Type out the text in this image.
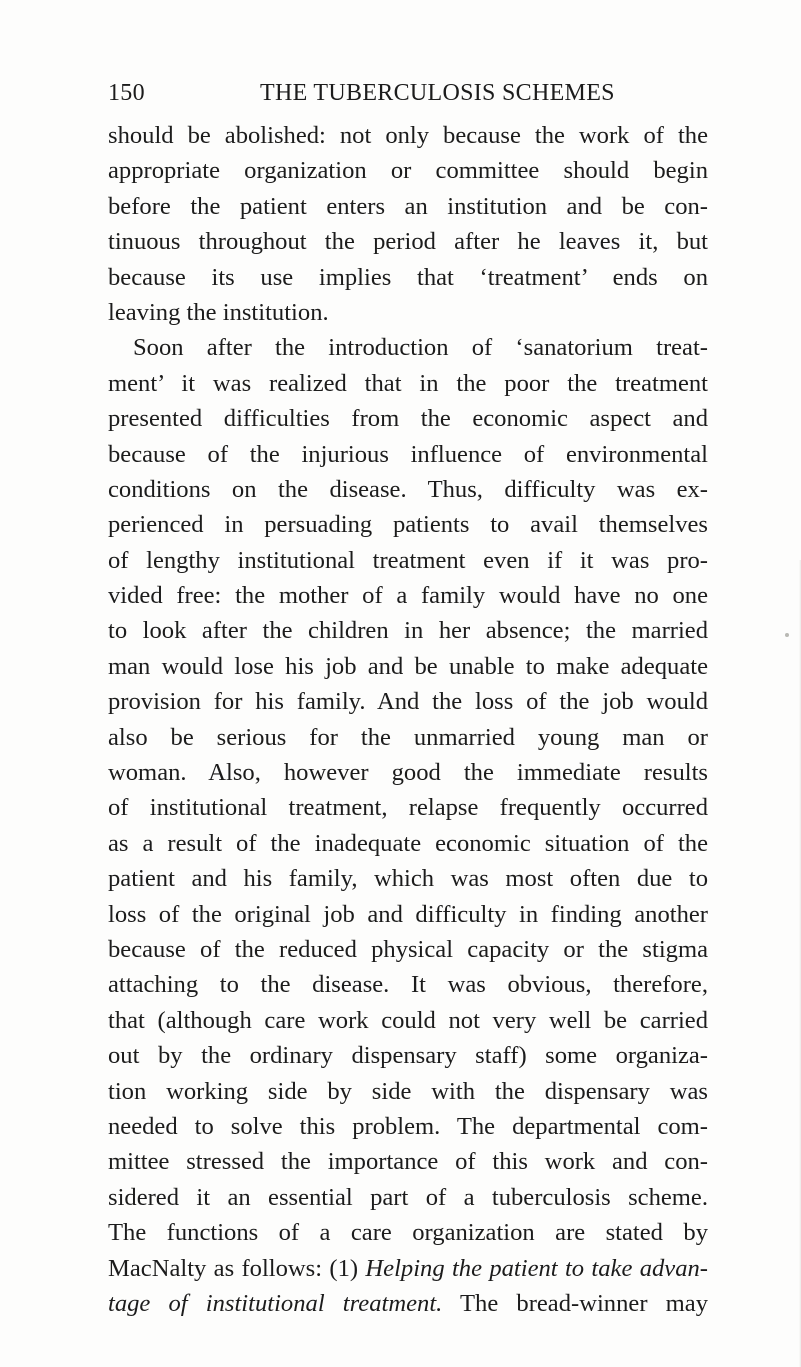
150	THE TUBERCULOSIS SCHEMES
should be abolished: not only because the work of the
appropriate organization or committee should begin
before the patient enters an institution and be con-
tinuous throughout the period after he leaves it, but
because its use implies that ‘treatment’ ends on
leaving the institution.
Soon after the introduction of ‘sanatorium treat-
ment’ it was realized that in the poor the treatment
presented difficulties from the economic aspect and
because of the injurious influence of environmental
conditions on the disease. Thus, difficulty was ex-
perienced in persuading patients to avail themselves
of lengthy institutional treatment even if it was pro-
vided free: the mother of a family would have no one
to look after the children in her absence; the married
man would lose his job and be unable to make adequate
provision for his family. And the loss of the job would
also be serious for the unmarried young man or
woman. Also, however good the immediate results
of institutional treatment, relapse frequently occurred
as a result of the inadequate economic situation of the
patient and his family, which was most often due to
loss of the original job and difficulty in finding another
because of the reduced physical capacity or the stigma
attaching to the disease. It was obvious, therefore,
that (although care work could not very well be carried
out by the ordinary dispensary staff) some organiza-
tion working side by side with the dispensary was
needed to solve this problem. The departmental com-
mittee stressed the importance of this work and con-
sidered it an essential part of a tuberculosis scheme.
The functions of a care organization are stated by
MacNalty as follows: (1) Helping the patient to take advan-
tage of institutional treatment. The bread-winner may
